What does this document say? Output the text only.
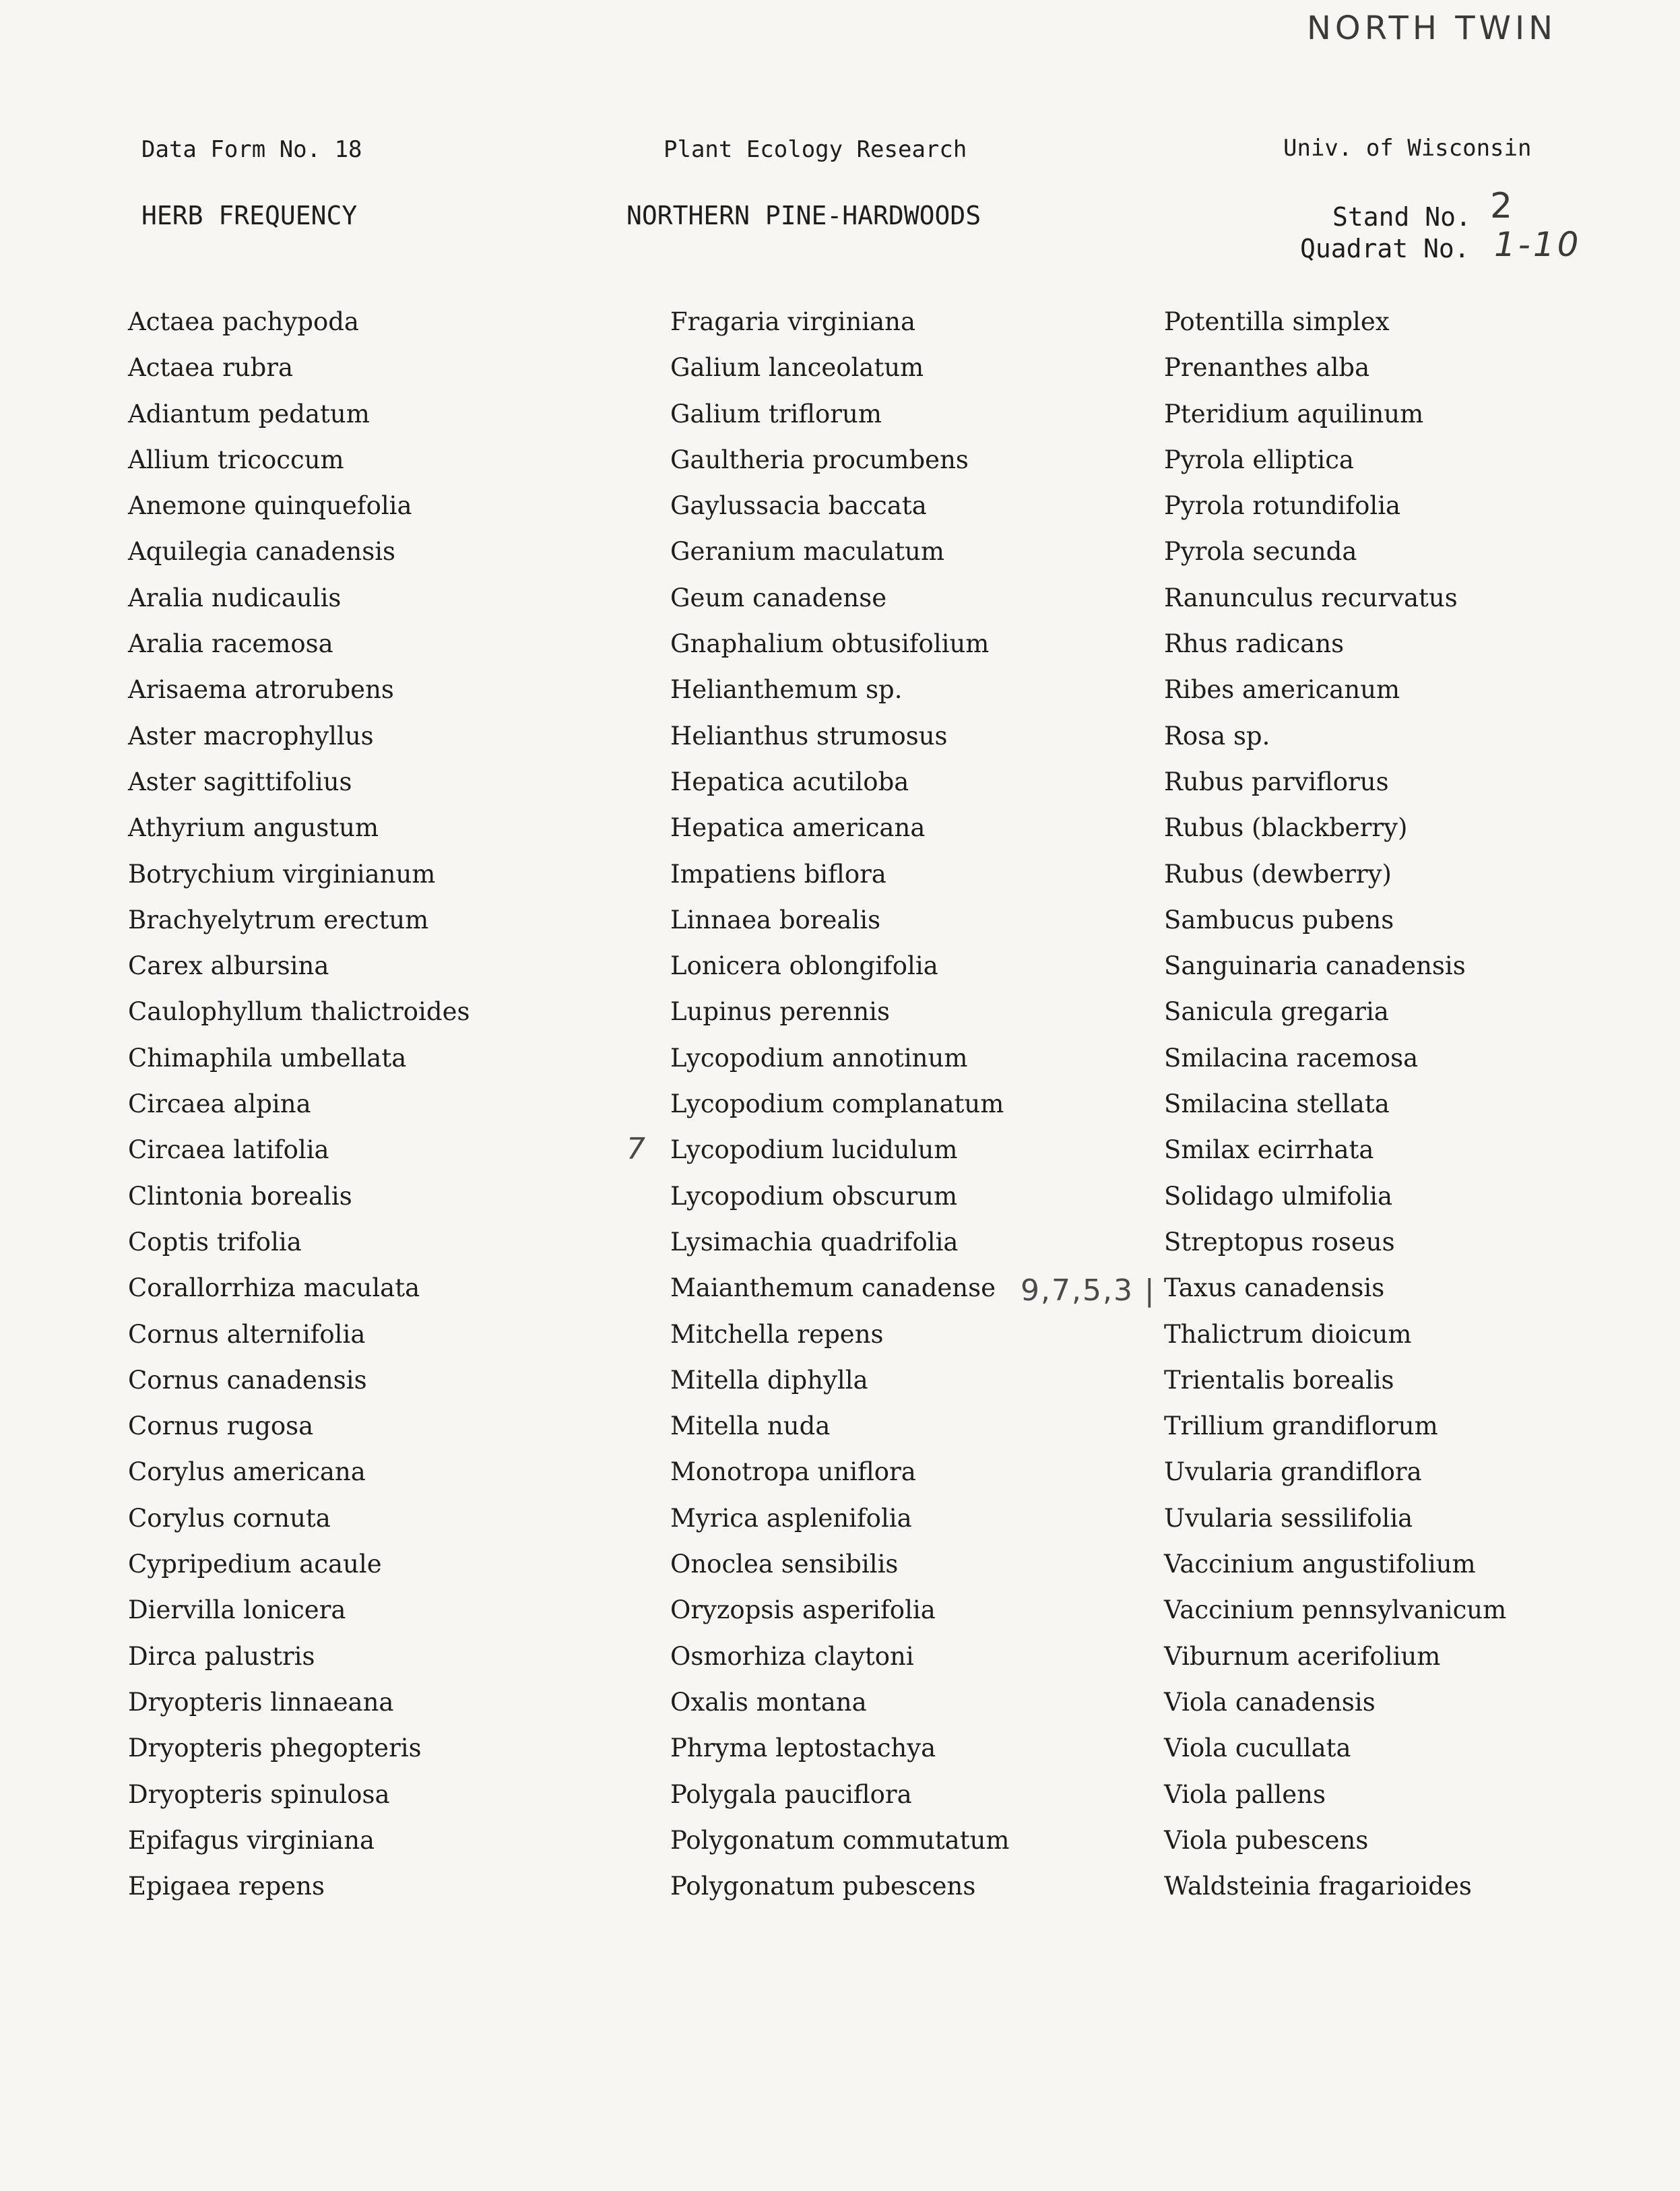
NORTH TWIN
Data Form No. 18	Plant Ecology Research	Univ. of Wisconsin
HERB FREQUENCY	NORTHERN PINE-HARDWOODS	Stand No.
Quadrat No.
2
1-10
Actaea pachypoda
Actaea rubra
Adiantum pedatum
Allium tricoccum
Anemone quinquefolia
Aquilegia canadensis
Aralia nudicaulis
Aralia racemosa
Arisaema atrorubens
Aster macrophyllus
Aster sagittifolius
Athyrium angustum
Botrychium virginianum
Brachyelytrum erectum
Carex albursina
Caulophyllum thalictroides
Chimaphila umbellata
Circaea alpina
Circaea latifolia
Clintonia borealis
Coptis trifolia
Corallorrhiza maculata
Cornus alternifolia
Cornus canadensis
Cornus rugosa
Corylus americana
Corylus cornuta
Cypripedium acaule
Diervilla lonicera
Dirca palustris
Dryopteris linnaeana
Dryopteris phegopteris
Dryopteris spinulosa
Epifagus virginiana
Epigaea repens
Fragaria virginiana
Galium lanceolatum
Galium triflorum
Gaultheria procumbens
Gaylussacia baccata
Geranium maculatum
Geum canadense
Gnaphalium obtusifolium
Helianthemum sp.
Helianthus strumosus
Hepatica acutiloba
Hepatica americana
Impatiens biflora
Linnaea borealis
Lonicera oblongifolia
Lupinus perennis
Lycopodium annotinum
Lycopodium complanatum
Lycopodium lucidulum
Lycopodium obscurum
Lysimachia quadrifolia
Maianthemum canadense
Mitchella repens
Mitella diphylla
Mitella nuda
Monotropa uniflora
Myrica asplenifolia
Onoclea sensibilis
Oryzopsis asperifolia
Osmorhiza claytoni
Oxalis montana
Phryma leptostachya
Polygala pauciflora
Polygonatum commutatum
Polygonatum pubescens
Potentilla simplex
Prenanthes alba
Pteridium aquilinum
Pyrola elliptica
Pyrola rotundifolia
Pyrola secunda
Ranunculus recurvatus
Rhus radicans
Ribes americanum
Rosa sp.
Rubus parviflorus
Rubus (blackberry)
Rubus (dewberry)
Sambucus pubens
Sanguinaria canadensis
Sanicula gregaria
Smilacina racemosa
Smilacina stellata
Smilax ecirrhata
Solidago ulmifolia
Streptopus roseus
Taxus canadensis
Thalictrum dioicum
Trientalis borealis
Trillium grandiflorum
Uvularia grandiflora
Uvularia sessilifolia
Vaccinium angustifolium
Vaccinium pennsylvanicum
Viburnum acerifolium
Viola canadensis
Viola cucullata
Viola pallens
Viola pubescens
Waldsteinia fragarioides
7
9,7,5,3 |
